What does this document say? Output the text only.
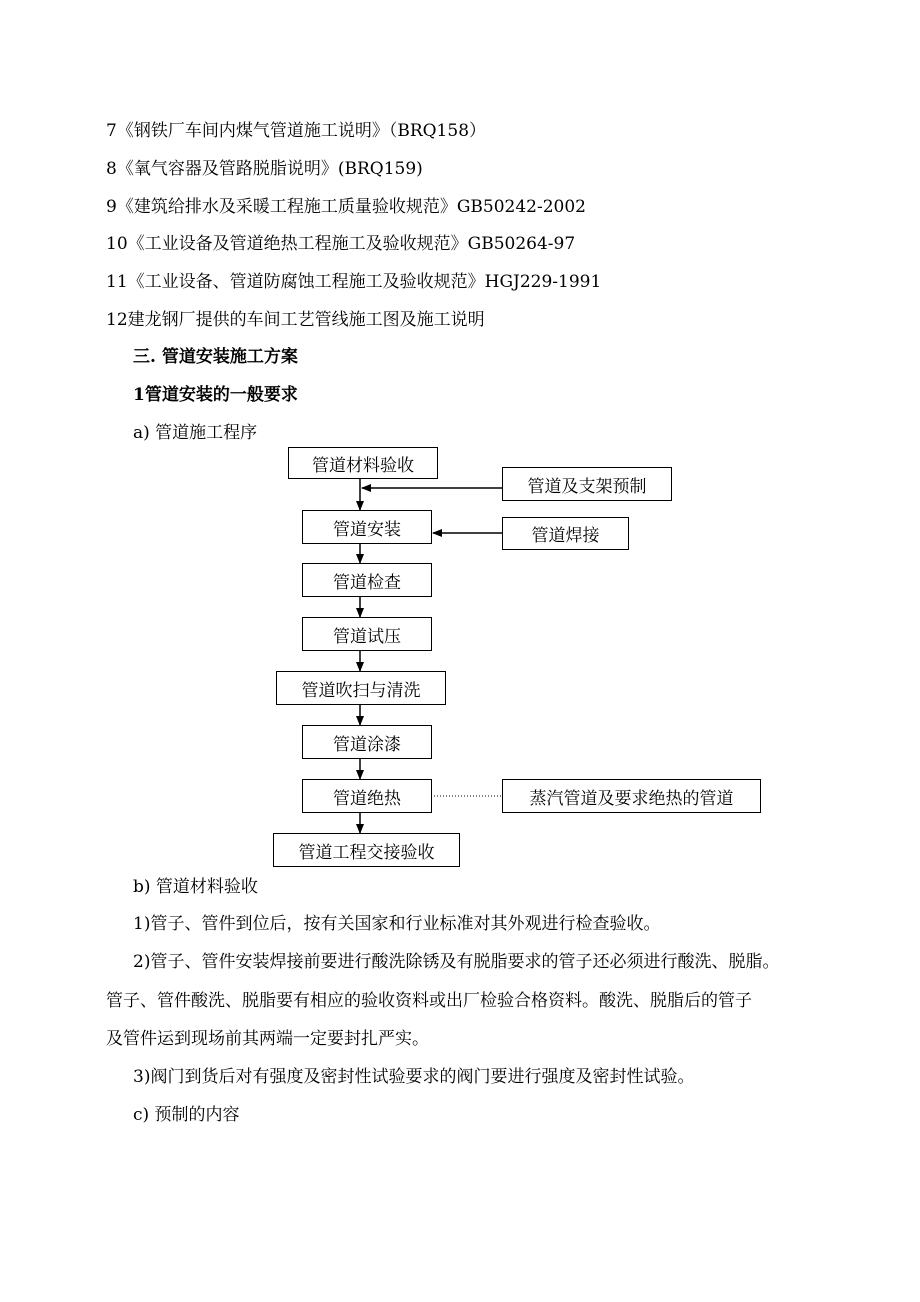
7《钢铁厂车间内煤气管道施工说明》（BRQ158）
8《氧气容器及管路脱脂说明》(BRQ159)
9《建筑给排水及采暖工程施工质量验收规范》GB50242-2002
10《工业设备及管道绝热工程施工及验收规范》GB50264-97
11《工业设备、管道防腐蚀工程施工及验收规范》HGJ229-1991
12建龙钢厂提供的车间工艺管线施工图及施工说明
三. 管道安装施工方案
1管道安装的一般要求
a) 管道施工程序
管道材料验收
管道安装
管道检查
管道试压
管道吹扫与清洗
管道涂漆
管道绝热
管道工程交接验收
管道及支架预制
管道焊接
蒸汽管道及要求绝热的管道
b) 管道材料验收
1)管子、管件到位后，按有关国家和行业标准对其外观进行检查验收。
2)管子、管件安装焊接前要进行酸洗除锈及有脱脂要求的管子还必须进行酸洗、脱脂。
管子、管件酸洗、脱脂要有相应的验收资料或出厂检验合格资料。酸洗、脱脂后的管子
及管件运到现场前其两端一定要封扎严实。
3)阀门到货后对有强度及密封性试验要求的阀门要进行强度及密封性试验。
c) 预制的内容
